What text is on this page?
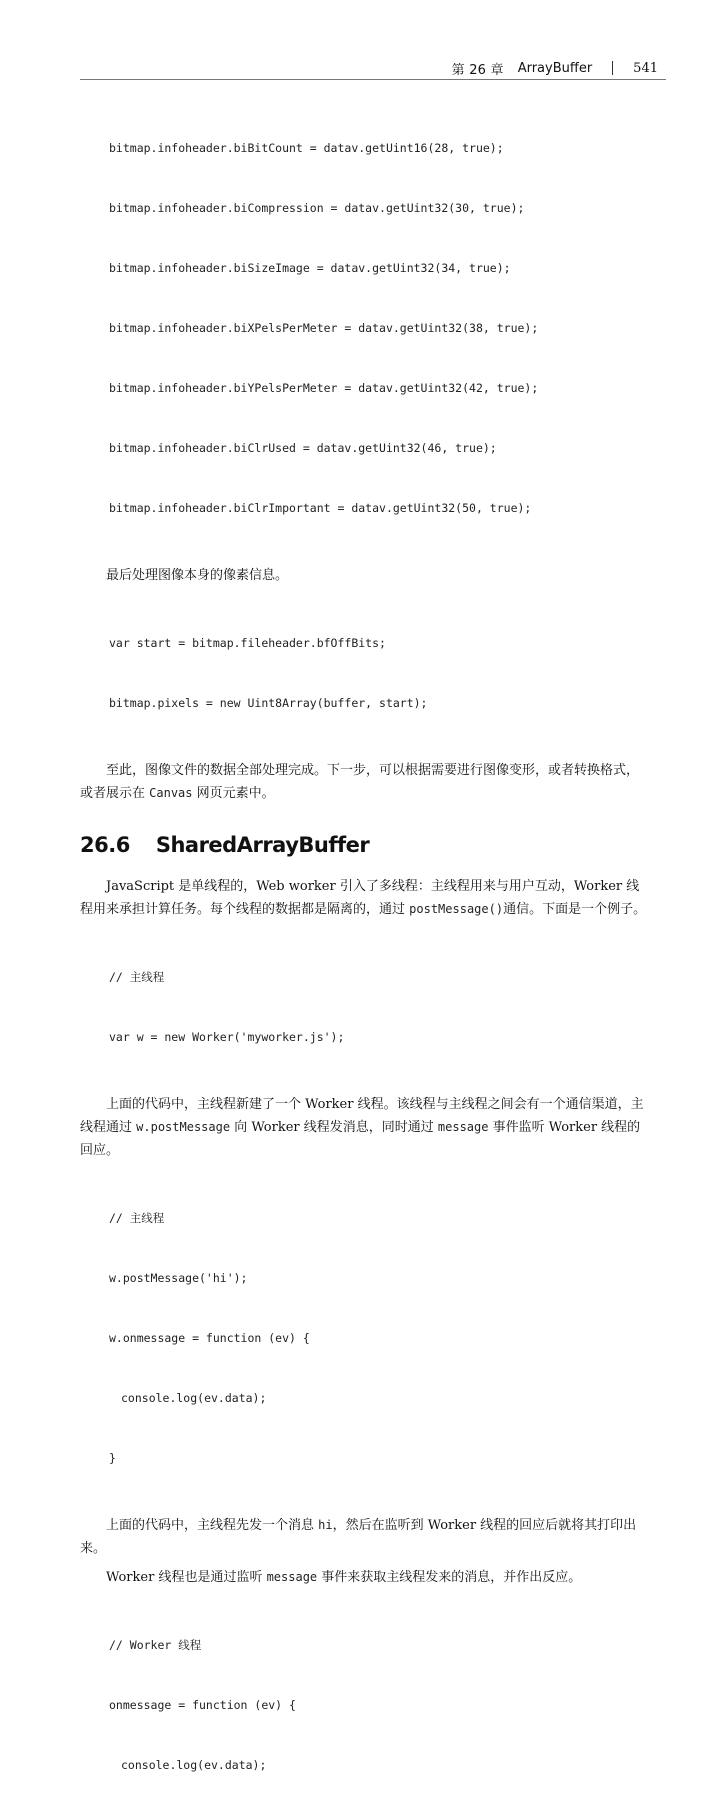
第 26 章 ArrayBuffer	541

bitmap.infoheader.biBitCount = datav.getUint16(28, true);

bitmap.infoheader.biCompression = datav.getUint32(30, true);

bitmap.infoheader.biSizeImage = datav.getUint32(34, true);

bitmap.infoheader.biXPelsPerMeter = datav.getUint32(38, true);

bitmap.infoheader.biYPelsPerMeter = datav.getUint32(42, true);

bitmap.infoheader.biClrUsed = datav.getUint32(46, true);

bitmap.infoheader.biClrImportant = datav.getUint32(50, true);

最后处理图像本身的像素信息。

var start = bitmap.fileheader.bfOffBits;

bitmap.pixels = new Uint8Array(buffer, start);

至此，图像文件的数据全部处理完成。下一步，可以根据需要进行图像变形，或者转换格式，或者展示在 Canvas 网页元素中。

26.6 SharedArrayBuffer

JavaScript 是单线程的，Web worker 引入了多线程：主线程用来与用户互动，Worker 线程用来承担计算任务。每个线程的数据都是隔离的，通过 postMessage()通信。下面是一个例子。

// 主线程

var w = new Worker('myworker.js');

上面的代码中，主线程新建了一个 Worker 线程。该线程与主线程之间会有一个通信渠道，主线程通过 w.postMessage 向 Worker 线程发消息，同时通过 message 事件监听 Worker 线程的回应。

// 主线程

w.postMessage('hi');

w.onmessage = function (ev) {

console.log(ev.data);

}

上面的代码中，主线程先发一个消息 hi，然后在监听到 Worker 线程的回应后就将其打印出来。

Worker 线程也是通过监听 message 事件来获取主线程发来的消息，并作出反应。

// Worker 线程

onmessage = function (ev) {

console.log(ev.data);
